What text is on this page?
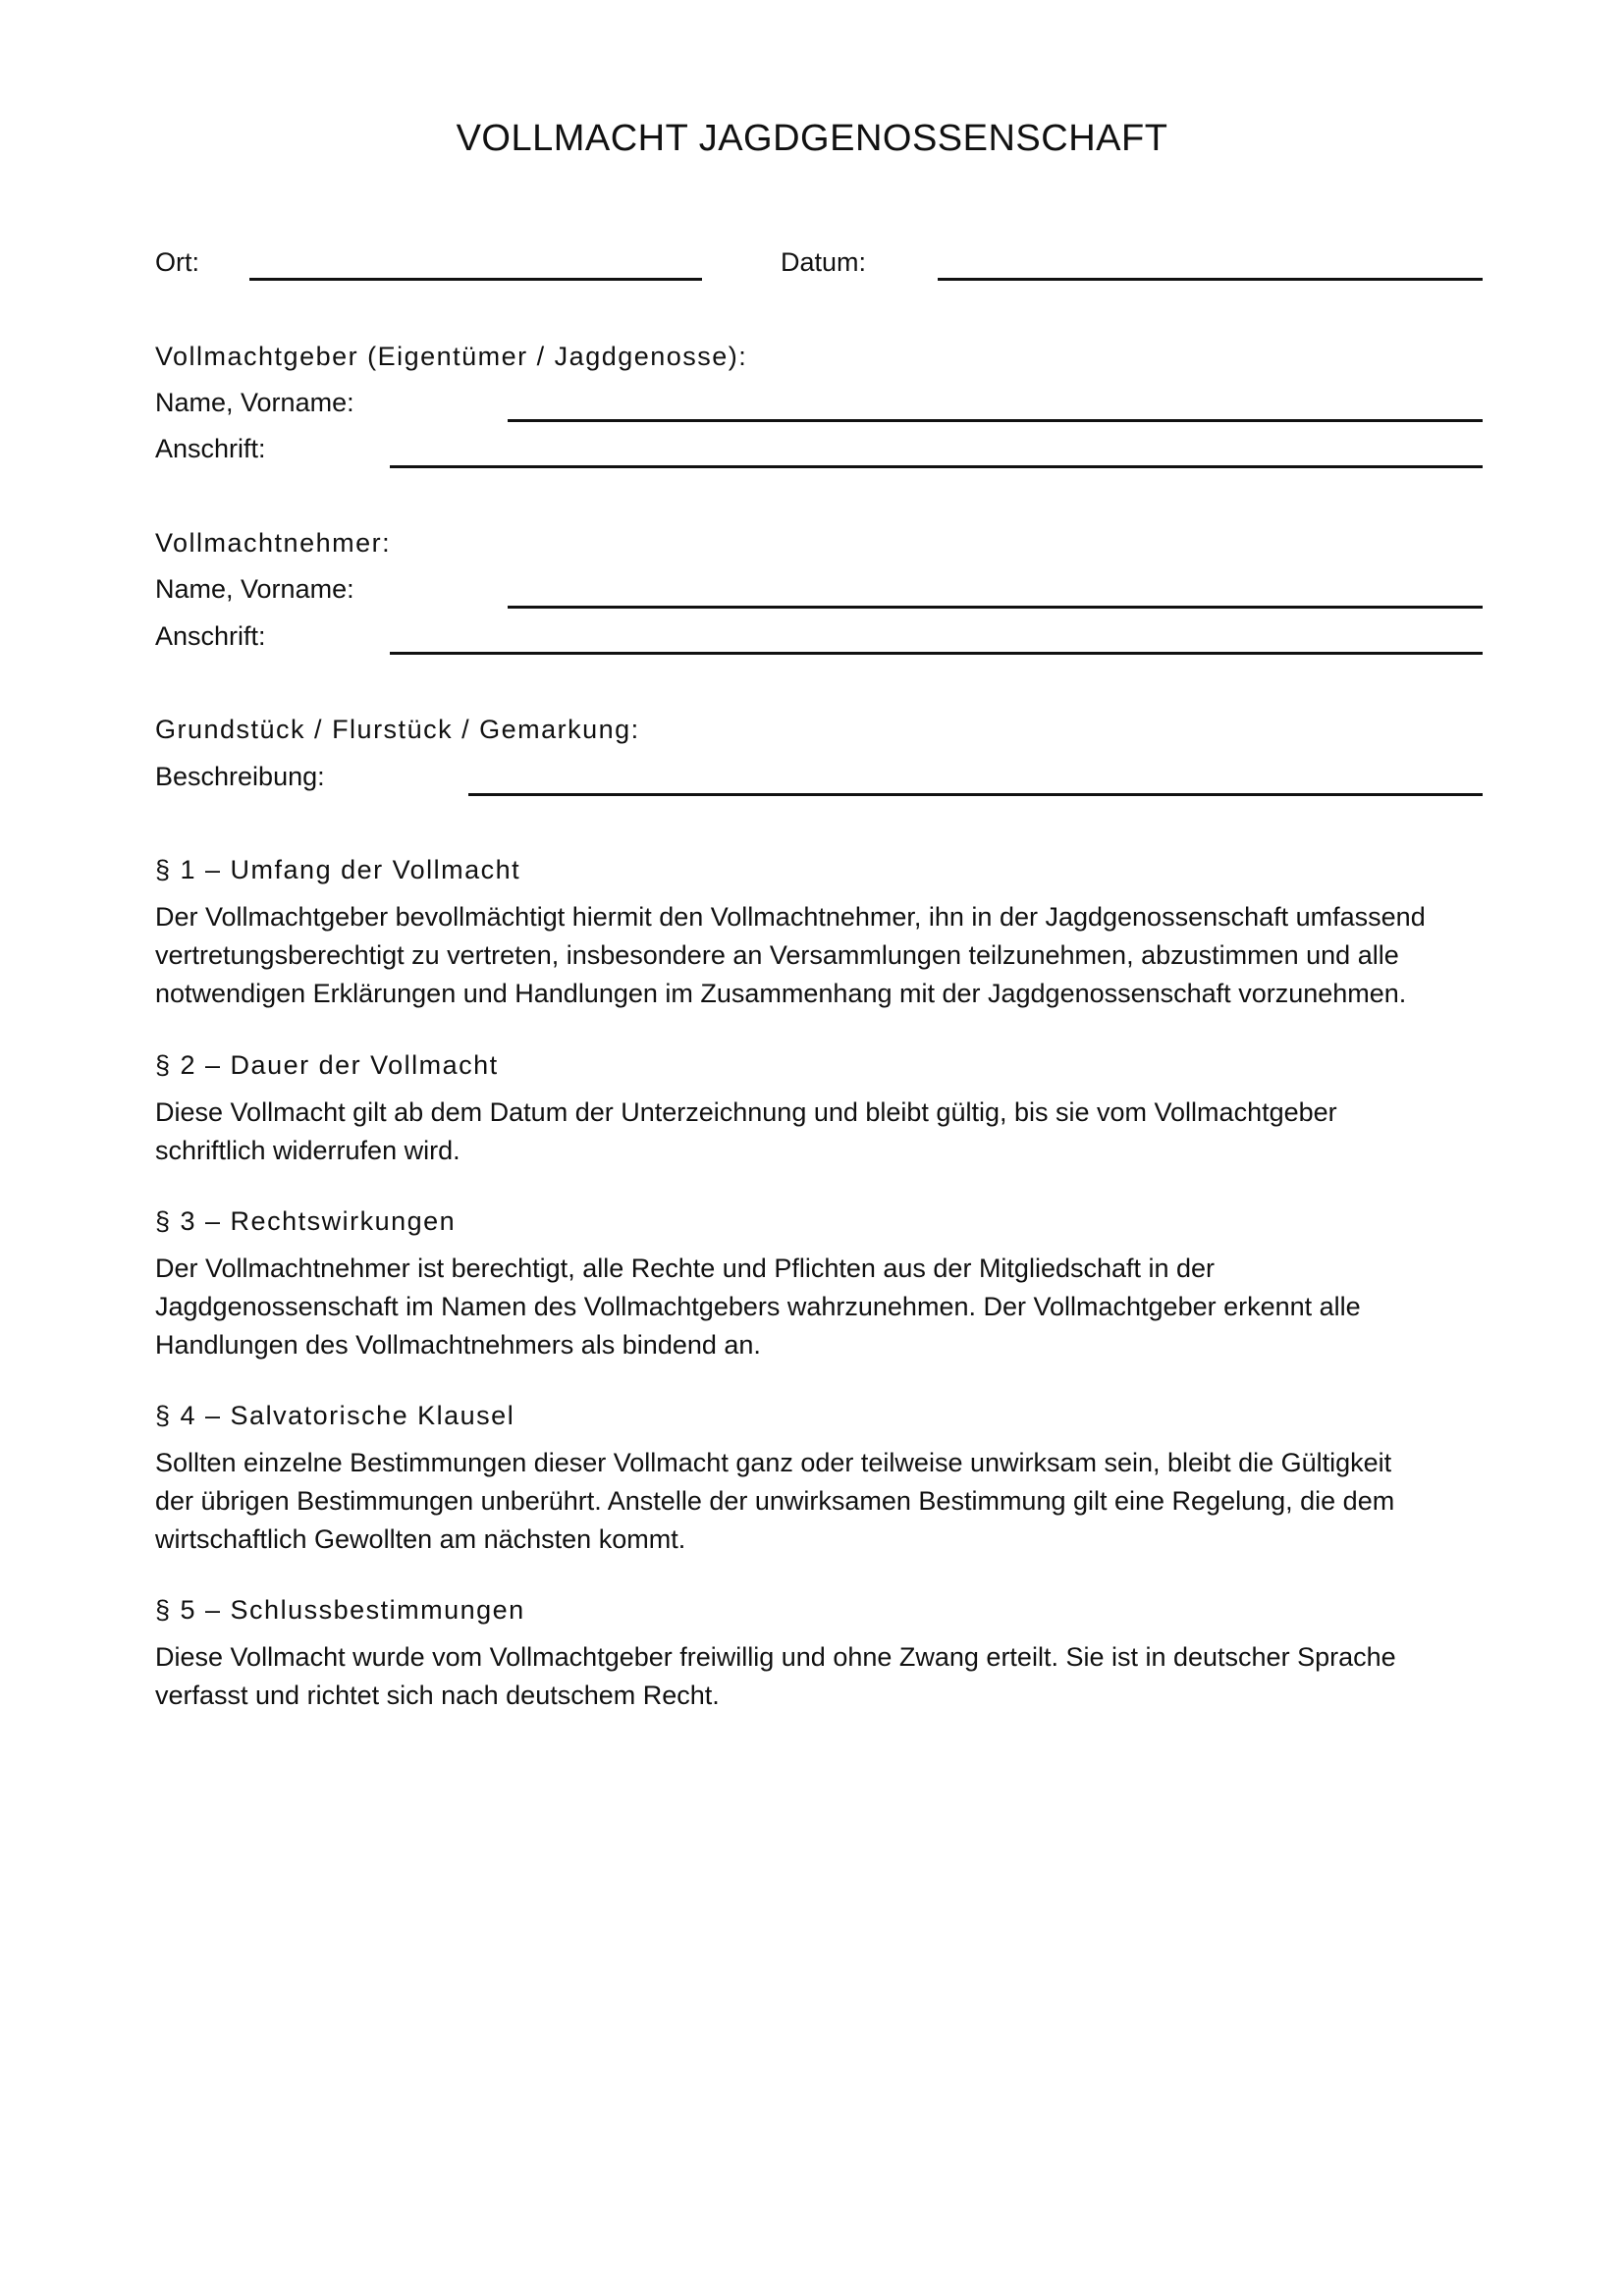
VOLLMACHT JAGDGENOSSENSCHAFT
Ort:	Datum:
Vollmachtgeber (Eigentümer / Jagdgenosse):
Name, Vorname:
Anschrift:
Vollmachtnehmer:
Name, Vorname:
Anschrift:
Grundstück / Flurstück / Gemarkung:
Beschreibung:
§ 1 – Umfang der Vollmacht

Der Vollmachtgeber bevollmächtigt hiermit den Vollmachtnehmer, ihn in der Jagdgenossenschaft umfassend

vertretungsberechtigt zu vertreten, insbesondere an Versammlungen teilzunehmen, abzustimmen und alle

notwendigen Erklärungen und Handlungen im Zusammenhang mit der Jagdgenossenschaft vorzunehmen.

§ 2 – Dauer der Vollmacht

Diese Vollmacht gilt ab dem Datum der Unterzeichnung und bleibt gültig, bis sie vom Vollmachtgeber

schriftlich widerrufen wird.

§ 3 – Rechtswirkungen

Der Vollmachtnehmer ist berechtigt, alle Rechte und Pflichten aus der Mitgliedschaft in der

Jagdgenossenschaft im Namen des Vollmachtgebers wahrzunehmen. Der Vollmachtgeber erkennt alle

Handlungen des Vollmachtnehmers als bindend an.

§ 4 – Salvatorische Klausel

Sollten einzelne Bestimmungen dieser Vollmacht ganz oder teilweise unwirksam sein, bleibt die Gültigkeit

der übrigen Bestimmungen unberührt. Anstelle der unwirksamen Bestimmung gilt eine Regelung, die dem

wirtschaftlich Gewollten am nächsten kommt.

§ 5 – Schlussbestimmungen

Diese Vollmacht wurde vom Vollmachtgeber freiwillig und ohne Zwang erteilt. Sie ist in deutscher Sprache

verfasst und richtet sich nach deutschem Recht.
